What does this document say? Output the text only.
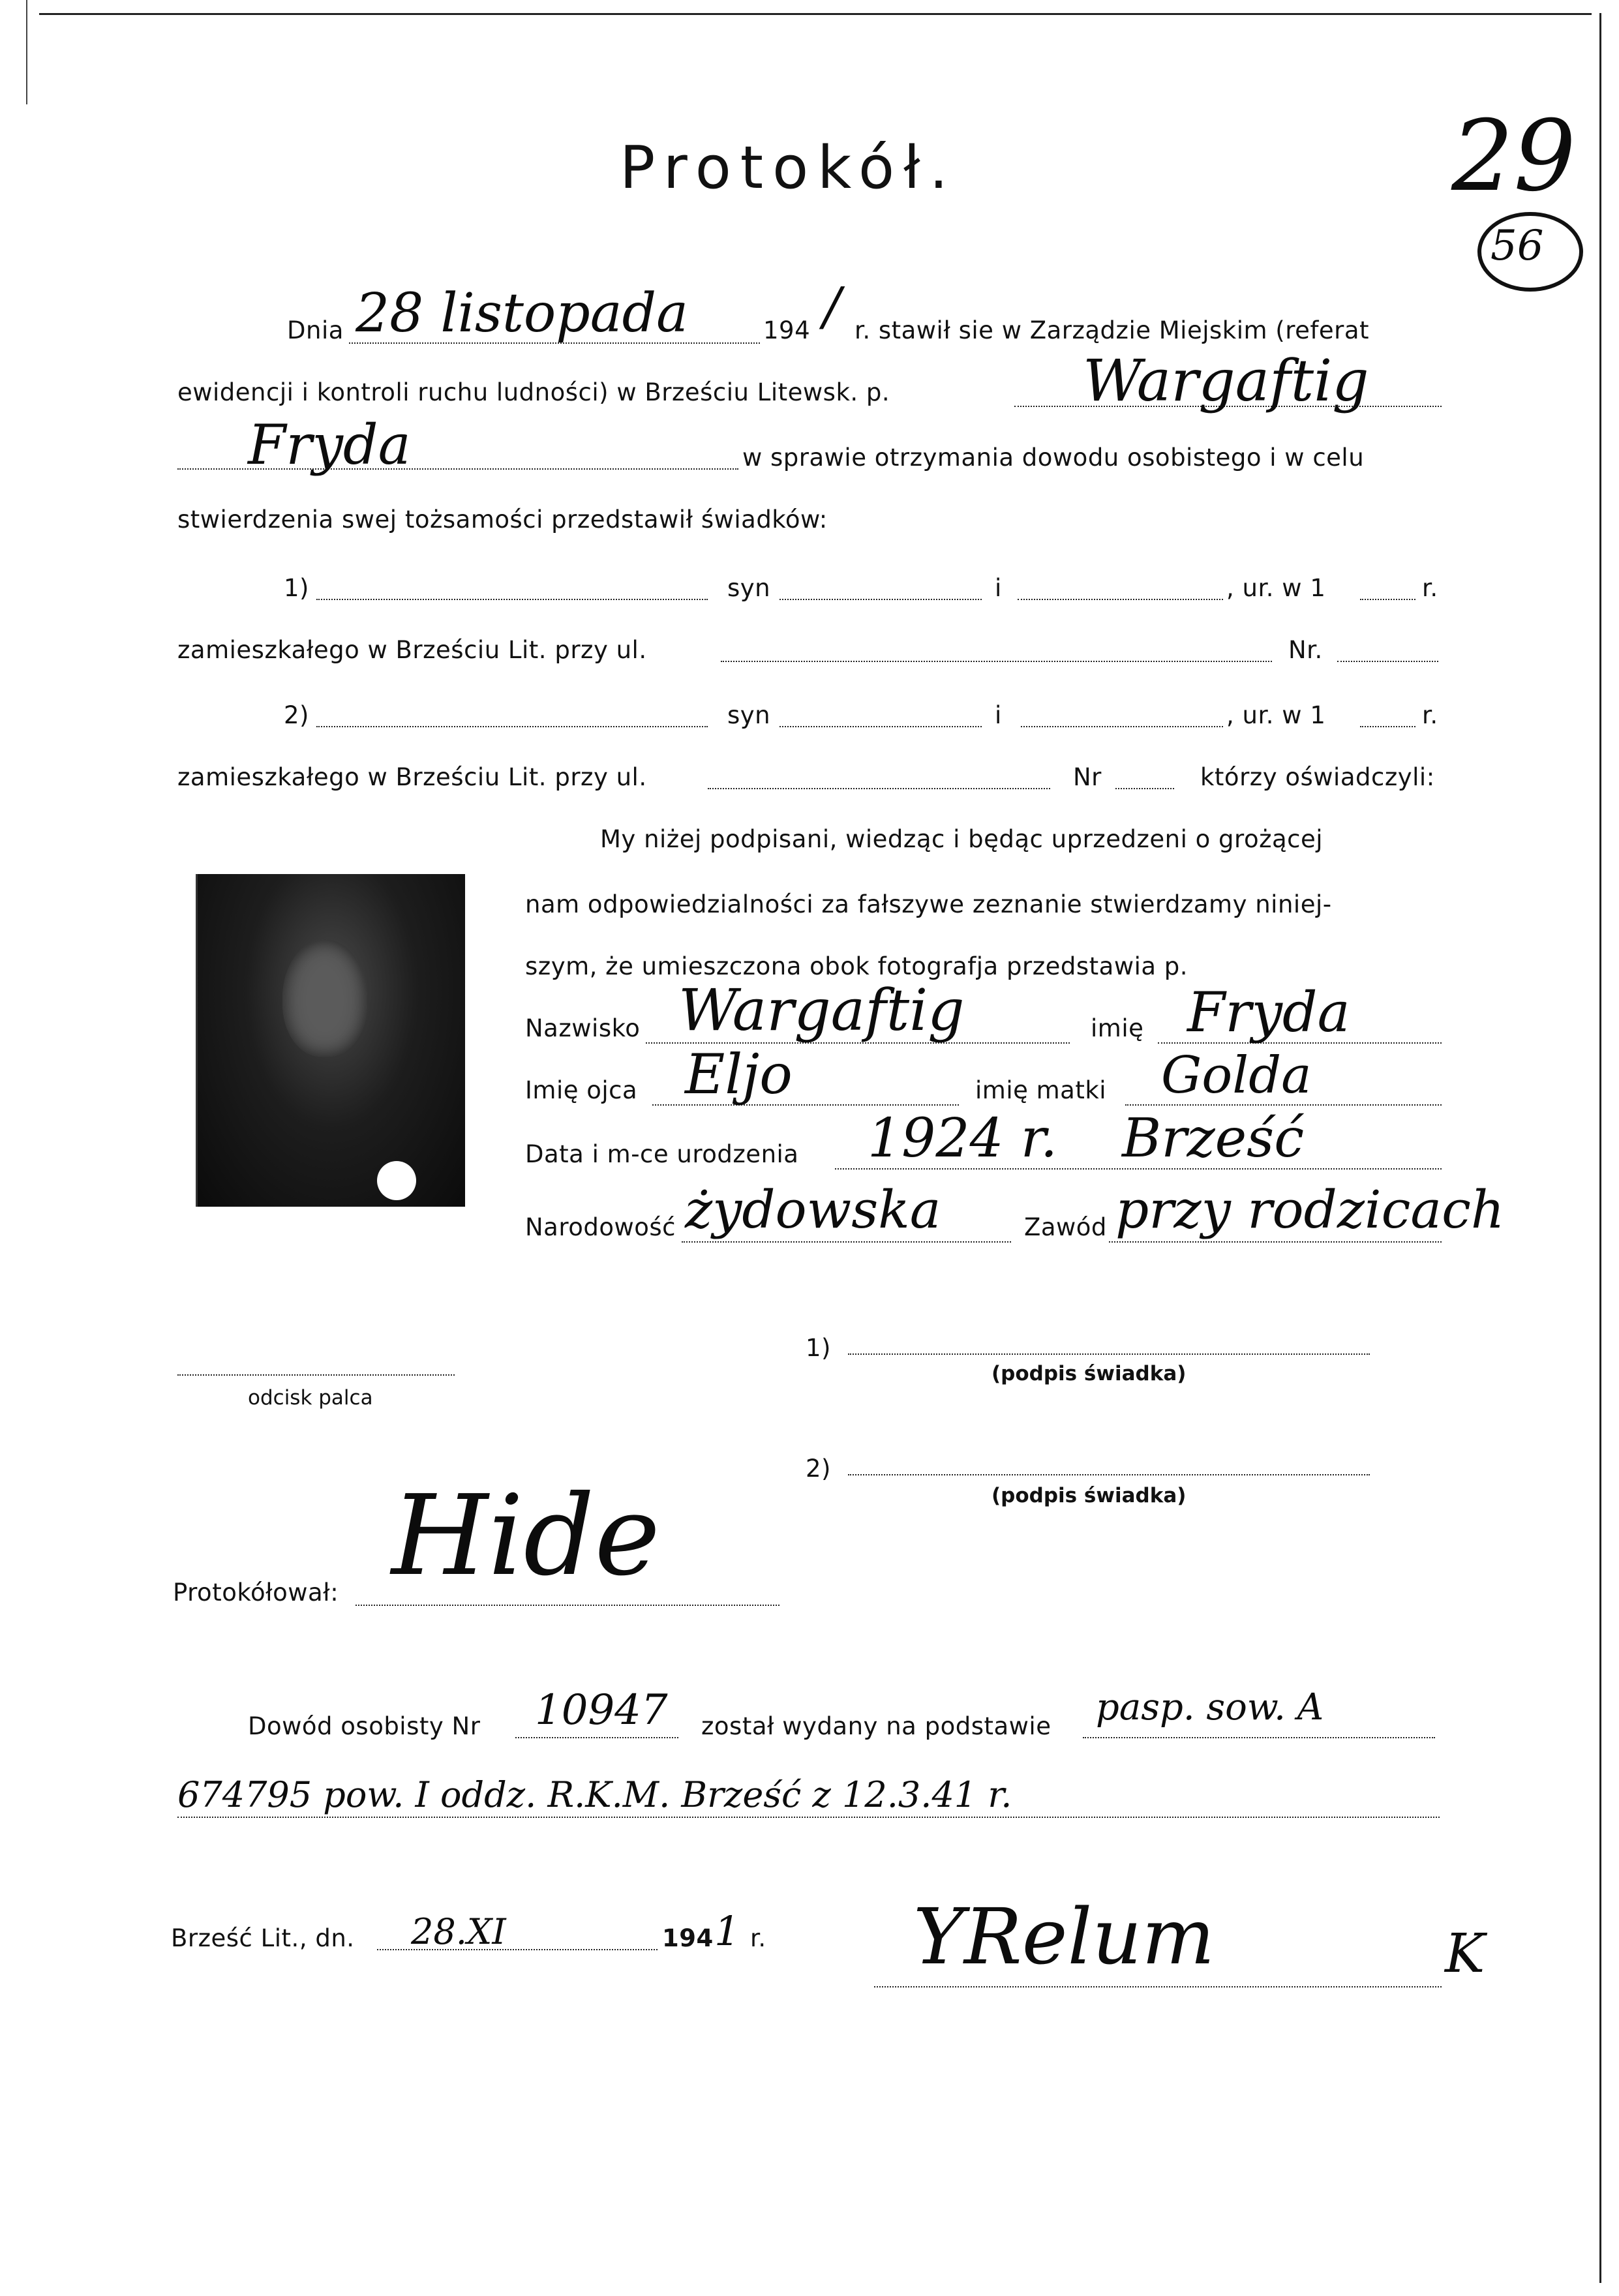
Protokół.	29
56
Dnia 28 listopada	194 / r. stawił sie w Zarządzie Miejskim (referat
ewidencji i kontroli ruchu ludności) w Brześciu Litewsk. p.	Wargaftig
Fryda	w sprawie otrzymania dowodu osobistego i w celu
stwierdzenia swej tożsamości przedstawił świadków:
1)	syn	i	, ur. w 1	r.
zamieszkałego w Brześciu Lit. przy ul.	Nr.
2)	syn	i	, ur. w 1	r.
zamieszkałego w Brześciu Lit. przy ul.	Nr	którzy oświadczyli:
My niżej podpisani, wiedząc i będąc uprzedzeni o grożącej
nam odpowiedzialności za fałszywe zeznanie stwierdzamy niniej-
szym, że umieszczona obok fotografja przedstawia p.
Nazwisko Wargaftig	imię Fryda
Imię ojca Eljo	imię matki Golda
Data i m-ce urodzenia 1924 r. Brześć
Narodowość żydowska	Zawód przy rodzicach
odcisk palca
1)
(podpis świadka)
2)
(podpis świadka)
Protokółował: Hide
Dowód osobisty Nr 10947 został wydany na podstawie pasp. sow. A
674795 pow. I oddz. R.K.M. Brześć z 12.3.41 r.
Brześć Lit., dn. 28.XI	194 1 r. YRelum	K
